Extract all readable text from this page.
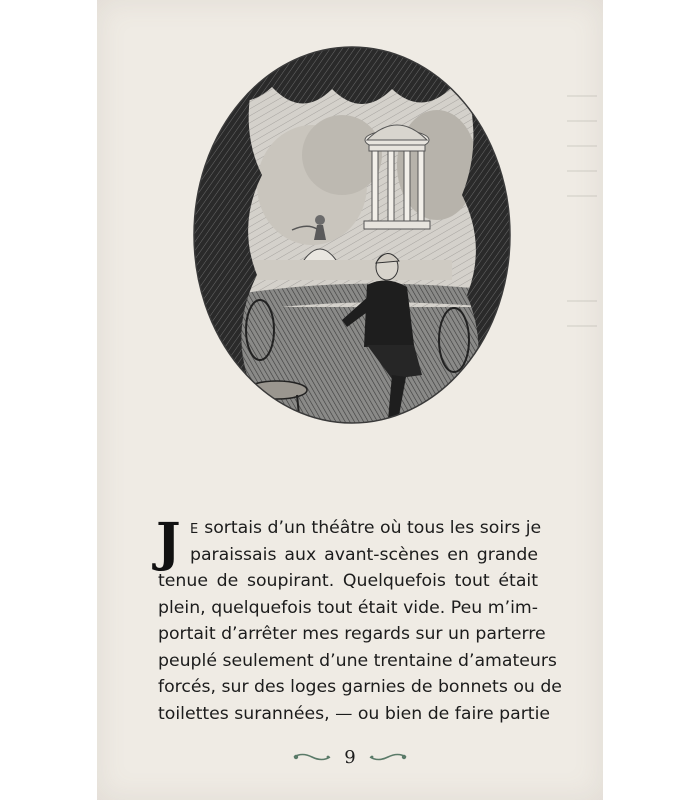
J E sortais d’un théâtre où tous les soirs je
paraissais aux avant-scènes en grande
tenue de soupirant. Quelquefois tout était
plein, quelquefois tout était vide. Peu m’im-
portait d’arrêter mes regards sur un parterre
peuplé seulement d’une trentaine d’amateurs
forcés, sur des loges garnies de bonnets ou de
toilettes surannées, — ou bien de faire partie
9
